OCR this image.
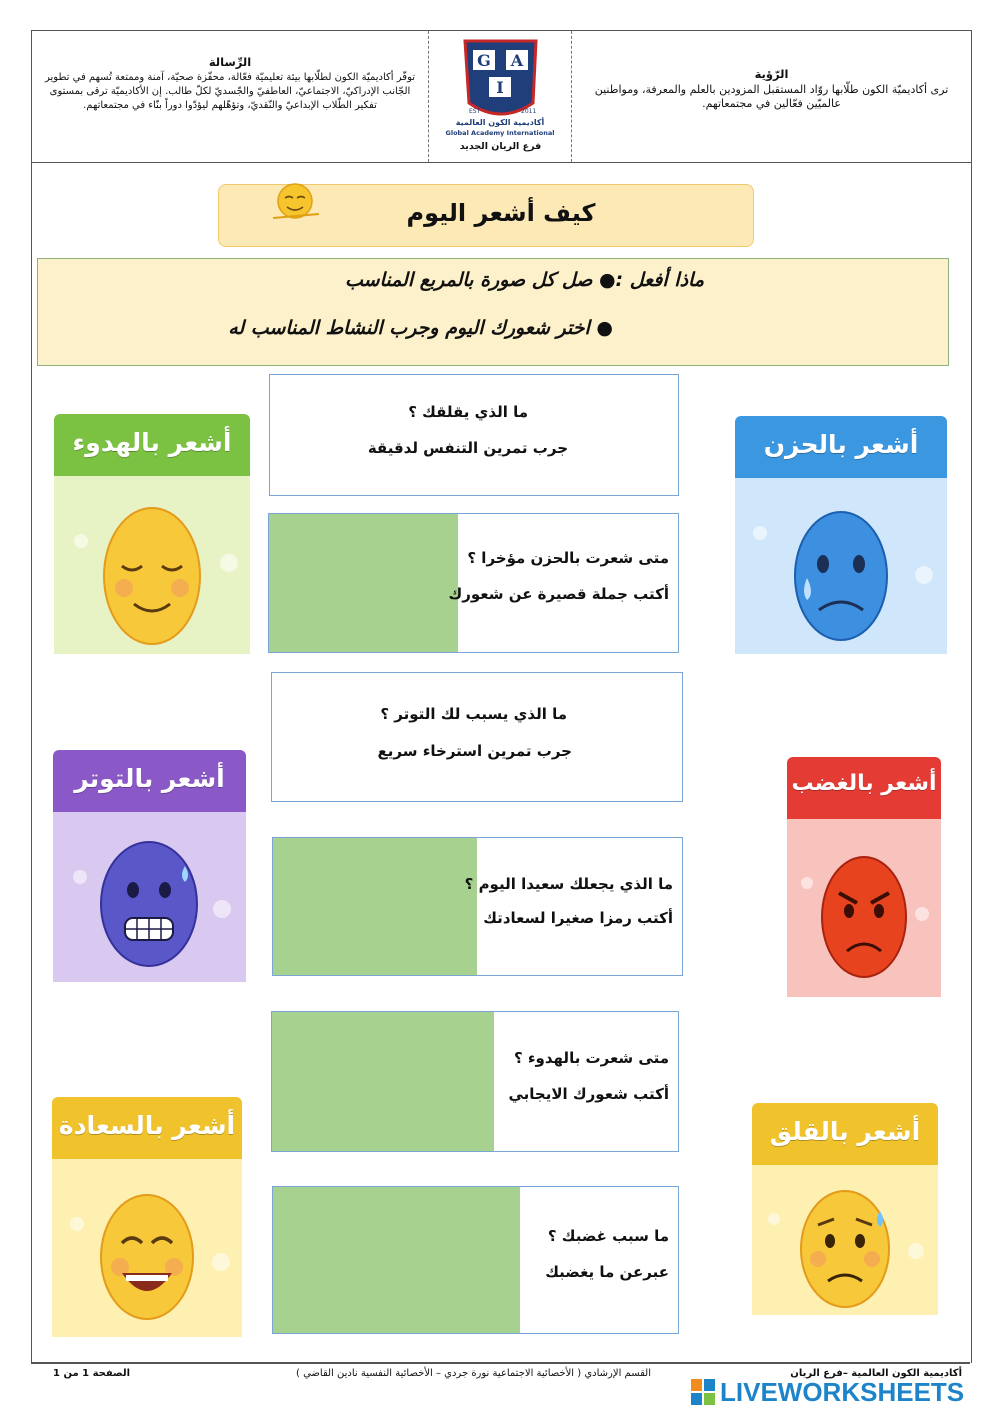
الرِّسالة
توفّر أكاديميّة الكون لطلّابها بيئة تعليميّة فعّالة، محفّزة صحيّة، آمنة وممتعة تُسهم في تطوير الجّانب الإدراكيّ، الاجتماعيّ، العاطفيّ والجّسديّ لكلّ طالب. إن الأكاديميّة ترقى بمستوى تفكير الطّلاب الإبداعيّ والنّقديّ، وتؤهّلهم ليؤدّوا دوراً بنّاء في مجتمعاتهم.
G A
I
EST	2011
أكاديمية الكون العالمية
Global Academy International
فرع الريان الجديد
الرّؤية
ترى أكاديميّة الكون طلّابها روّاد المستقبل المزودين بالعلم والمعرفة، ومواطنين عالميّين فعّالين في مجتمعاتهم.
كيف أشعر اليوم
ماذا أفعل :● صل كل صورة بالمربع المناسب
● اختر شعورك اليوم وجرب النشاط المناسب له
ما الذي يقلقك ؟
جرب تمرين التنفس لدقيقة
متى شعرت بالحزن مؤخرا ؟
أكتب جملة قصيرة عن شعورك
ما الذي يسبب لك التوتر ؟
جرب تمرين استرخاء سريع
ما الذي يجعلك سعيدا اليوم ؟
أكتب رمزا صغيرا لسعادتك
متى شعرت بالهدوء ؟
أكتب شعورك الايجابي
ما سبب غضبك ؟
عبرعن ما يغضبك
أشعر بالهدوء	أشعر بالحزن
أشعر بالتوتر	أشعر بالغضب
أشعر بالسعادة	أشعر بالقلق
الصفحة 1 من 1	القسم الإرشادي ( الأخصائية الاجتماعية نورة جردي – الأخصائية النفسية نادين القاضي )	أكاديمية الكون العالمية –فرع الريان
LIVEWORKSHEETS
